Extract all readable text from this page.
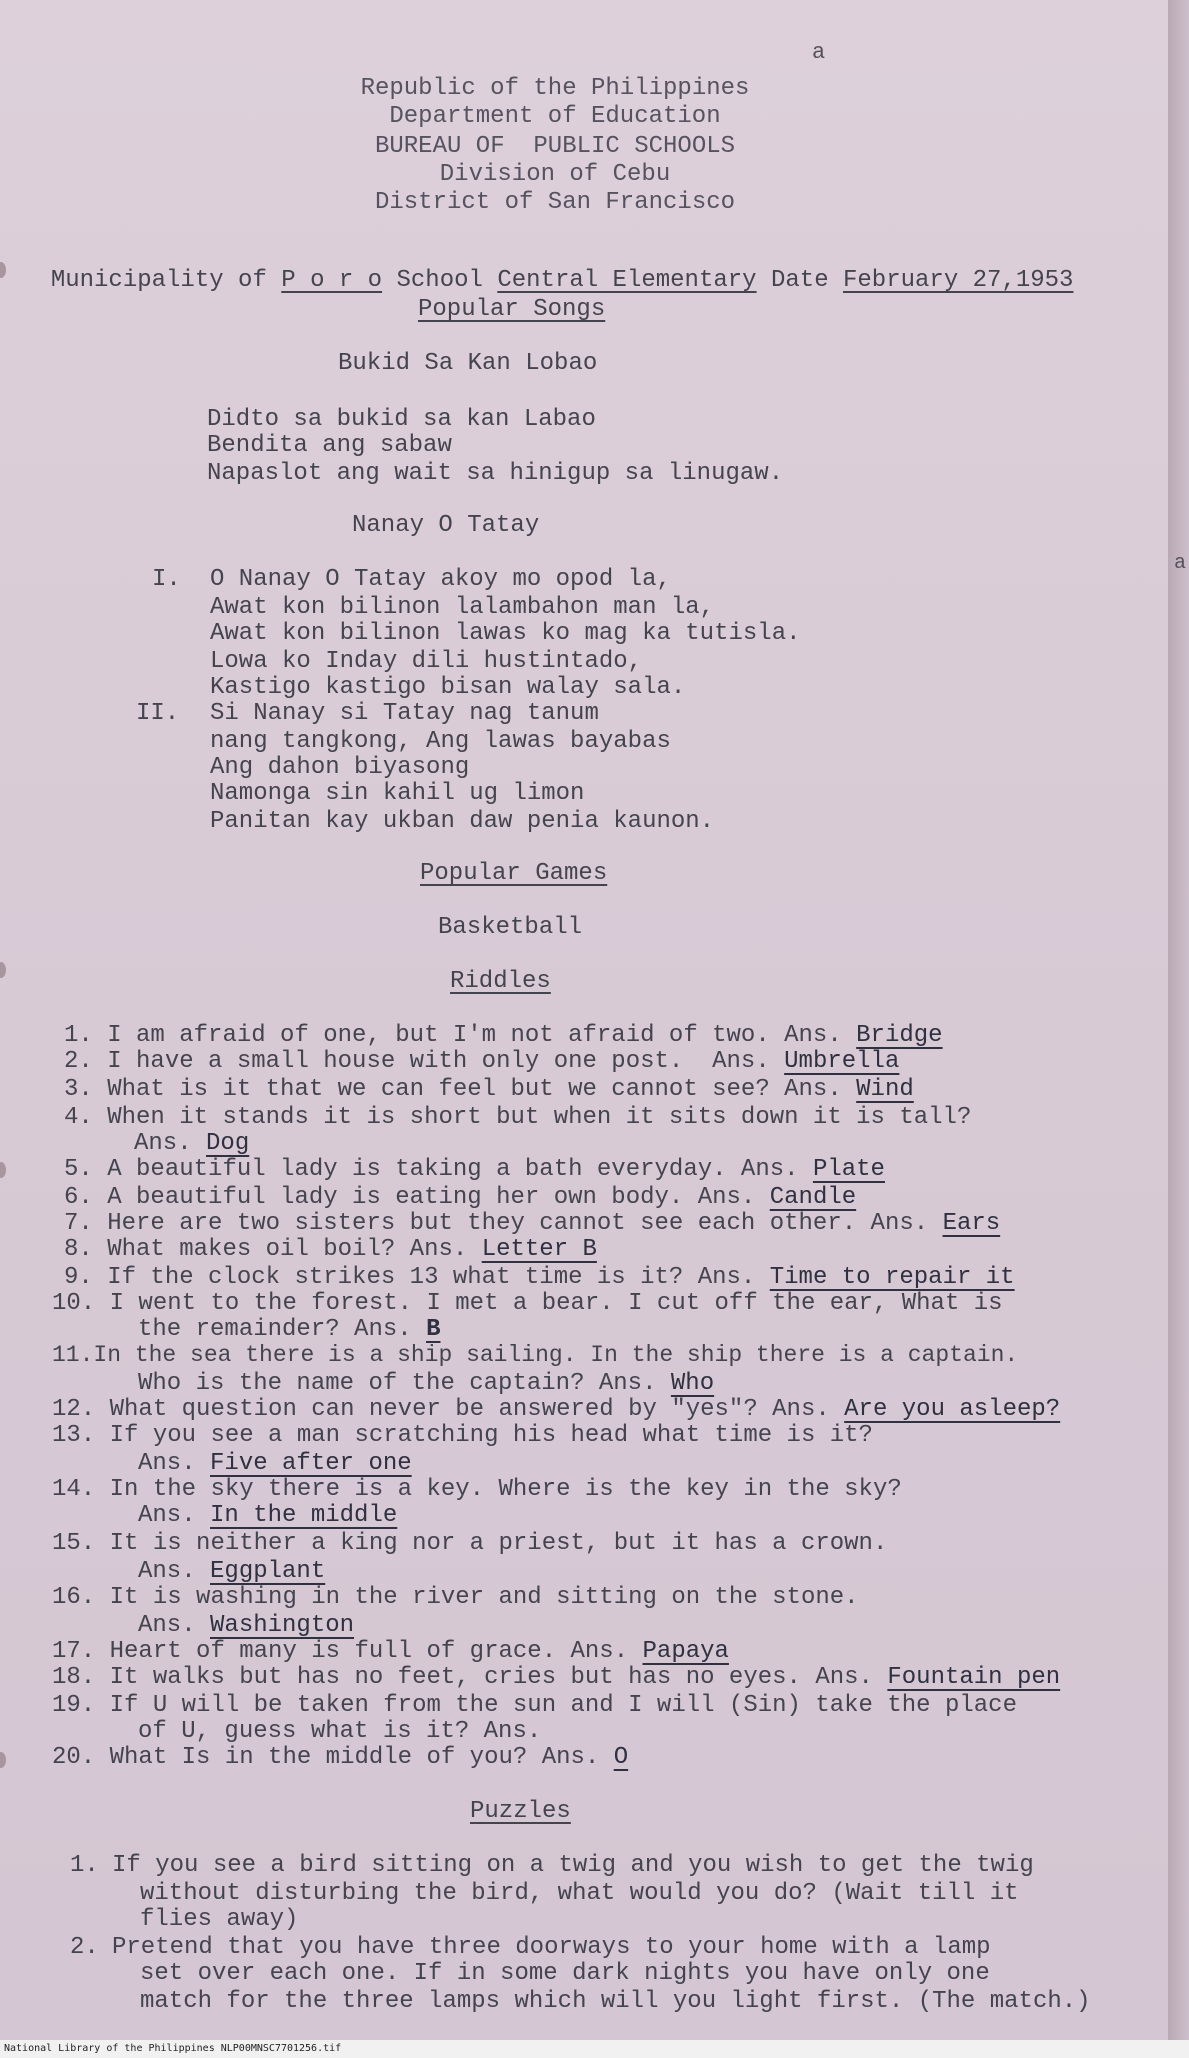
a
a
Republic of the Philippines
Department of Education
BUREAU OF  PUBLIC SCHOOLS
Division of Cebu
District of San Francisco

Municipality of P o r o School Central Elementary Date February 27,1953

Popular Songs
Bukid Sa Kan Lobao
Didto sa bukid sa kan Labao
Bendita ang sabaw
Napaslot ang wait sa hinigup sa linugaw.
Nanay O Tatay
I. O Nanay O Tatay akoy mo opod la,
Awat kon bilinon lalambahon man la,
Awat kon bilinon lawas ko mag ka tutisla.
Lowa ko Inday dili hustintado,
Kastigo kastigo bisan walay sala.
II. Si Nanay si Tatay nag tanum
nang tangkong, Ang lawas bayabas
Ang dahon biyasong
Namonga sin kahil ug limon
Panitan kay ukban daw penia kaunon.
Popular Games
Basketball
Riddles
1. I am afraid of one, but I'm not afraid of two. Ans. Bridge
2. I have a small house with only one post.  Ans. Umbrella
3. What is it that we can feel but we cannot see? Ans. Wind
4. When it stands it is short but when it sits down it is tall?
Ans. Dog
5. A beautiful lady is taking a bath everyday. Ans. Plate
6. A beautiful lady is eating her own body. Ans. Candle
7. Here are two sisters but they cannot see each other. Ans. Ears
8. What makes oil boil? Ans. Letter B
9. If the clock strikes 13 what time is it? Ans. Time to repair it
10. I went to the forest. I met a bear. I cut off the ear, What is
the remainder? Ans. B
11.In the sea there is a ship sailing. In the ship there is a captain.
Who is the name of the captain? Ans. Who
12. What question can never be answered by "yes"? Ans. Are you asleep?
13. If you see a man scratching his head what time is it?
Ans. Five after one
14. In the sky there is a key. Where is the key in the sky?
Ans. In the middle
15. It is neither a king nor a priest, but it has a crown.
Ans. Eggplant
16. It is washing in the river and sitting on the stone.
Ans. Washington
17. Heart of many is full of grace. Ans. Papaya
18. It walks but has no feet, cries but has no eyes. Ans. Fountain pen
19. If U will be taken from the sun and I will (Sin) take the place
of U, guess what is it? Ans.
20. What Is in the middle of you? Ans. O
Puzzles
1. If you see a bird sitting on a twig and you wish to get the twig
without disturbing the bird, what would you do? (Wait till it
flies away)
2. Pretend that you have three doorways to your home with a lamp
set over each one. If in some dark nights you have only one
match for the three lamps which will you light first. (The match.)
National Library of the Philippines NLP00MNSC7701256.tif
